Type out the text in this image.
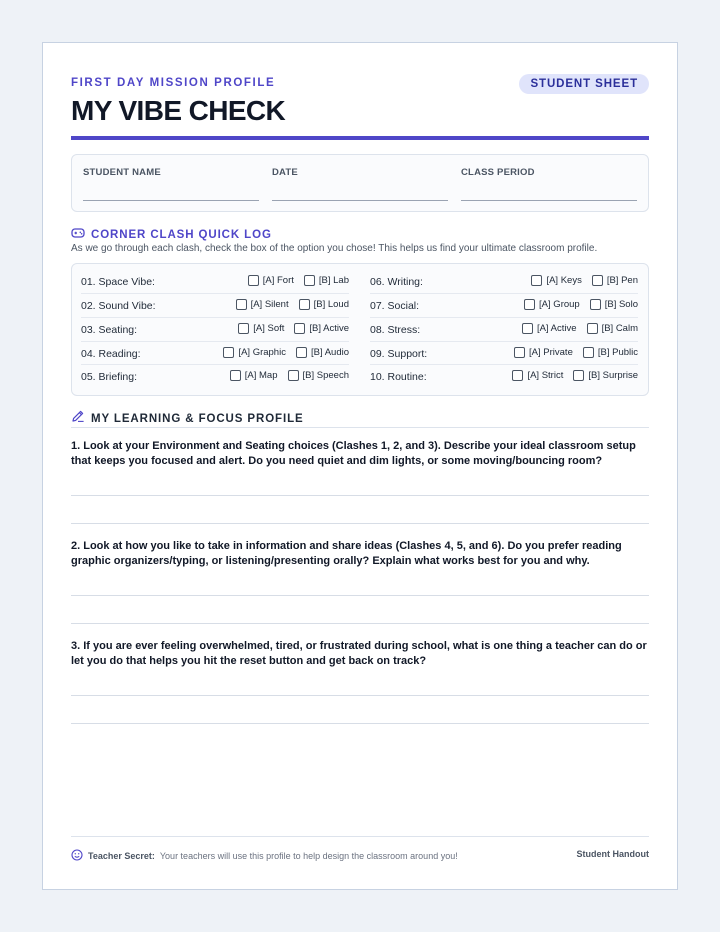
FIRST DAY MISSION PROFILE	STUDENT SHEET
MY VIBE CHECK
STUDENT NAME	DATE	CLASS PERIOD
CORNER CLASH QUICK LOG
As we go through each clash, check the box of the option you chose! This helps us find your ultimate classroom profile.
01. Space Vibe:	[A] Fort	[B] Lab
02. Sound Vibe:	[A] Silent	[B] Loud
03. Seating:	[A] Soft	[B] Active
04. Reading:	[A] Graphic	[B] Audio
05. Briefing:	[A] Map	[B] Speech
06. Writing:	[A] Keys	[B] Pen
07. Social:	[A] Group	[B] Solo
08. Stress:	[A] Active	[B] Calm
09. Support:	[A] Private	[B] Public
10. Routine:	[A] Strict	[B] Surprise
MY LEARNING & FOCUS PROFILE
1. Look at your Environment and Seating choices (Clashes 1, 2, and 3). Describe your ideal classroom setup that keeps you focused and alert. Do you need quiet and dim lights, or some moving/bouncing room?
2. Look at how you like to take in information and share ideas (Clashes 4, 5, and 6). Do you prefer reading graphic organizers/typing, or listening/presenting orally? Explain what works best for you and why.
3. If you are ever feeling overwhelmed, tired, or frustrated during school, what is one thing a teacher can do or let you do that helps you hit the reset button and get back on track?
Teacher Secret: Your teachers will use this profile to help design the classroom around you!	Student Handout
